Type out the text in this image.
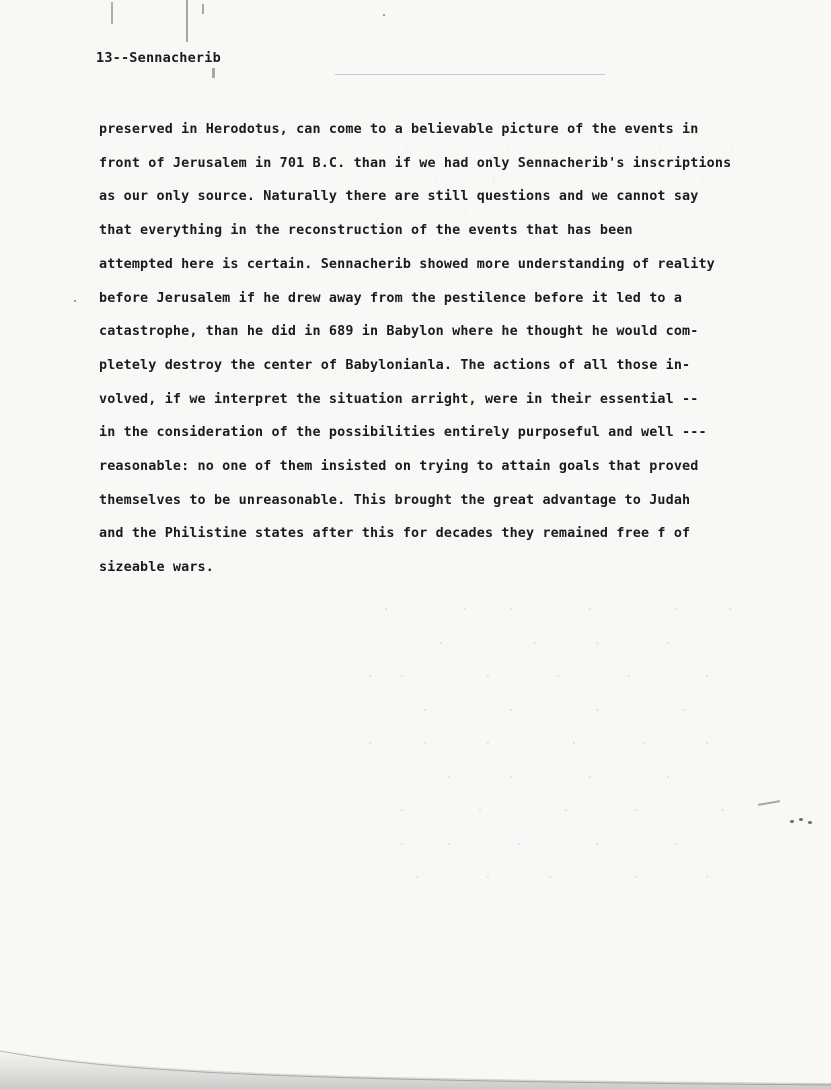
.  .      .                    .             .
.          .       .         ,       .
.                 .         .
.        .          .     .           .
.      .          .         .     .         .
.        .       .           .
.         .        .        .          .   .
.          .          .          .
.       .        .          .       .      .
.         .         .       .
.          .        .          .         .
.         .         .        .     .
.        .          .       .        .
13--Sennacherib
preserved in Herodotus, can come to a believable picture of the events in
front of Jerusalem in 701 B.C. than if we had only Sennacherib's inscriptions
as our only source. Naturally there are still questions and we cannot say
that everything in the reconstruction of the events that has been
attempted here is certain. Sennacherib showed more understanding of reality
before Jerusalem if he drew away from the pestilence before it led to a
catastrophe, than he did in 689 in Babylon where he thought he would com-
pletely destroy the center of Babylonianla. The actions of all those in-
volved, if we interpret the situation arright, were in their essential --
in the consideration of the possibilities entirely purposeful and well ---
reasonable: no one of them insisted on trying to attain goals that proved
themselves to be unreasonable. This brought the great advantage to Judah
and the Philistine states after this for decades they remained free f of
sizeable wars.
